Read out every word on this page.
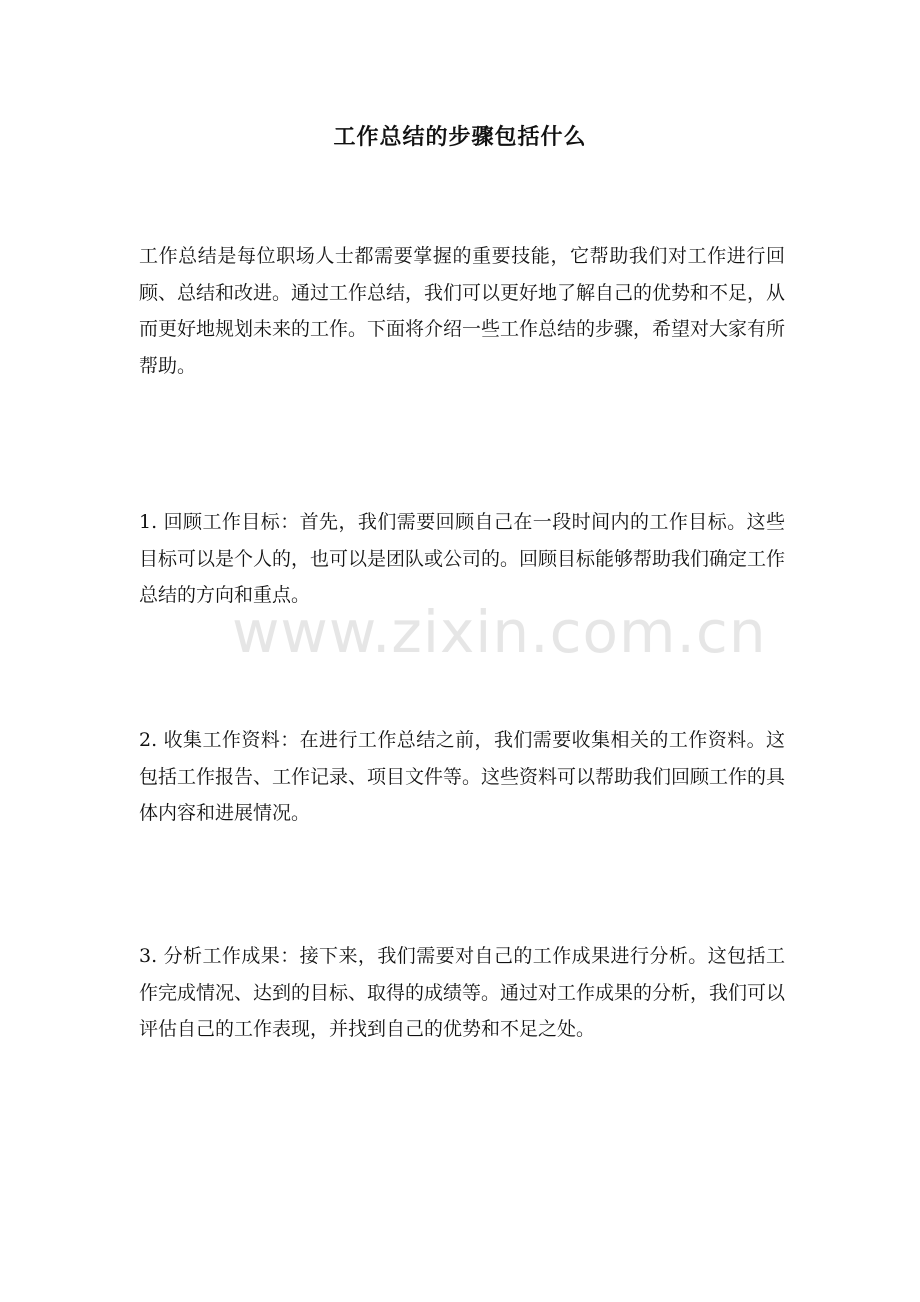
工作总结的步骤包括什么

工作总结是每位职场人士都需要掌握的重要技能，它帮助我们对工作进行回顾、总结和改进。通过工作总结，我们可以更好地了解自己的优势和不足，从而更好地规划未来的工作。下面将介绍一些工作总结的步骤，希望对大家有所帮助。

1. 回顾工作目标：首先，我们需要回顾自己在一段时间内的工作目标。这些目标可以是个人的，也可以是团队或公司的。回顾目标能够帮助我们确定工作总结的方向和重点。

2. 收集工作资料：在进行工作总结之前，我们需要收集相关的工作资料。这包括工作报告、工作记录、项目文件等。这些资料可以帮助我们回顾工作的具体内容和进展情况。

3. 分析工作成果：接下来，我们需要对自己的工作成果进行分析。这包括工作完成情况、达到的目标、取得的成绩等。通过对工作成果的分析，我们可以评估自己的工作表现，并找到自己的优势和不足之处。

www.zixin.com.cn
